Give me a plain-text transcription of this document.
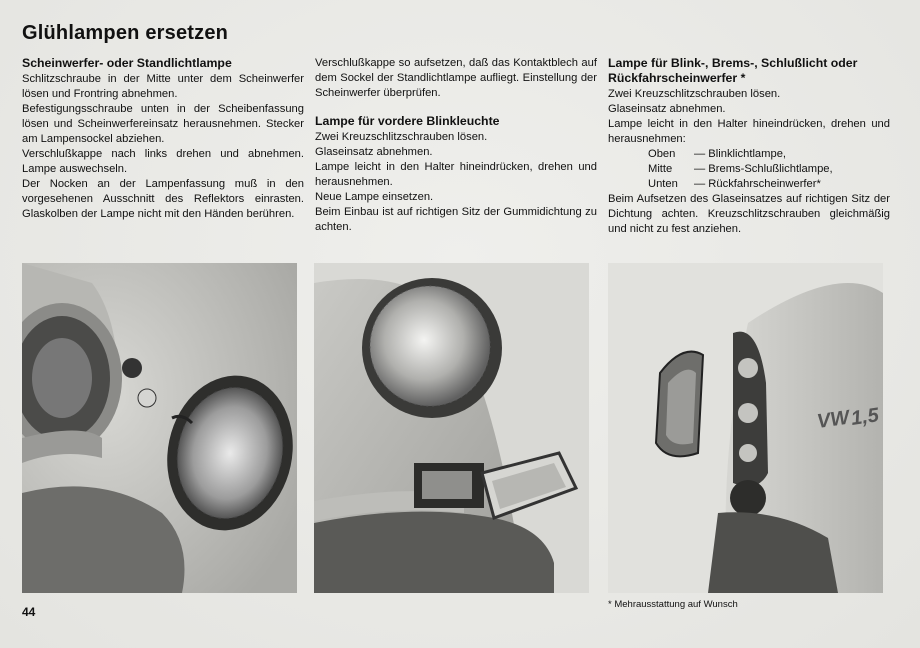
Glühlampen ersetzen
Scheinwerfer- oder Standlichtlampe

Schlitzschraube in der Mitte unter dem Scheinwerfer lösen und Frontring abnehmen.

Befestigungsschraube unten in der Scheibenfassung lösen und Scheinwerfereinsatz herausnehmen. Stecker am Lampensockel abziehen.

Verschlußkappe nach links drehen und abnehmen. Lampe auswechseln.

Der Nocken an der Lampenfassung muß in den vorgesehenen Ausschnitt des Reflektors einrasten. Glaskolben der Lampe nicht mit den Händen berühren.

Verschlußkappe so aufsetzen, daß das Kontaktblech auf dem Sockel der Standlichtlampe aufliegt. Einstellung der Scheinwerfer überprüfen.

Lampe für vordere Blinkleuchte

Zwei Kreuzschlitzschrauben lösen.

Glaseinsatz abnehmen.

Lampe leicht in den Halter hineindrücken, drehen und herausnehmen.

Neue Lampe einsetzen.

Beim Einbau ist auf richtigen Sitz der Gummidichtung zu achten.

Lampe für Blink-, Brems-, Schlußlicht oder Rückfahrscheinwerfer *

Zwei Kreuzschlitzschrauben lösen.

Glaseinsatz abnehmen.

Lampe leicht in den Halter hineindrücken, drehen und herausnehmen:

Oben	— Blinklichtlampe,
Mitte	— Brems-Schlußlichtlampe,
Unten	— Rückfahrscheinwerfer*

Beim Aufsetzen des Glaseinsatzes auf richtigen Sitz der Dichtung achten. Kreuzschlitzschrauben gleichmäßig und nicht zu fest anziehen.

VW 1,5
44
* Mehrausstattung auf Wunsch
